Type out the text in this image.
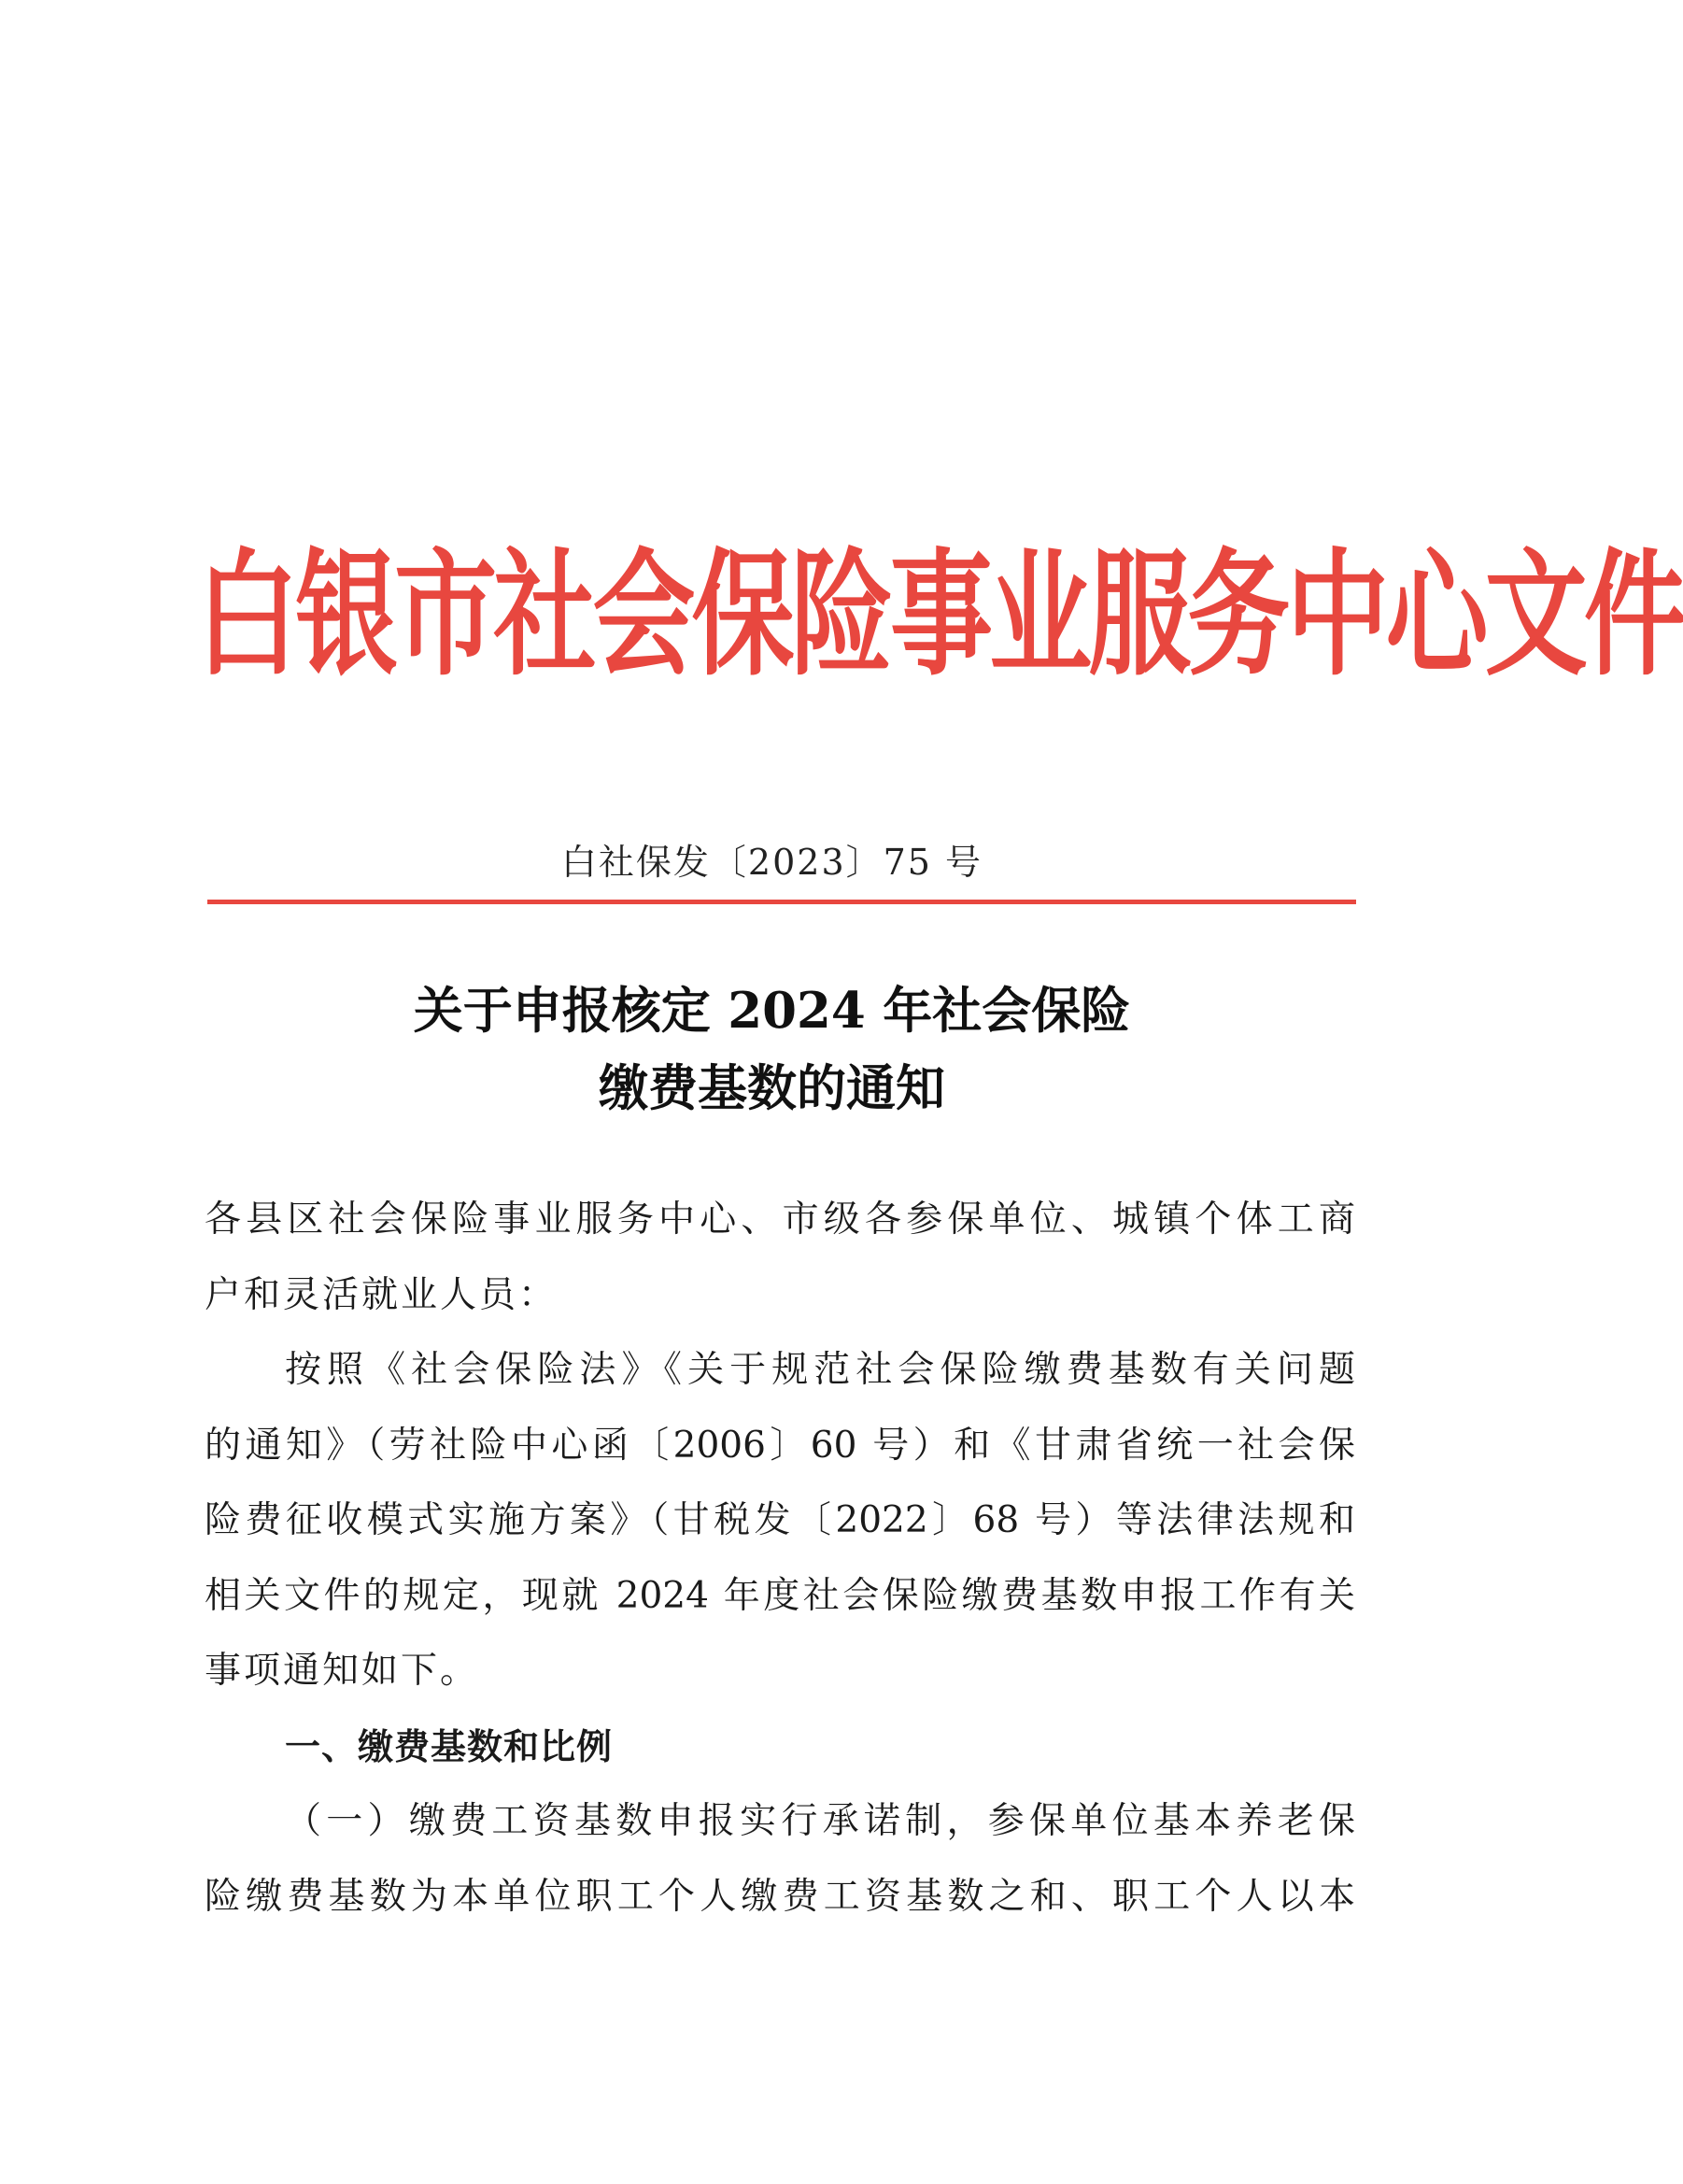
白银市社会保险事业服务中心文件
白社保发〔2023〕75 号
关于申报核定 2024 年社会保险
缴费基数的通知
各县区社会保险事业服务中心、市级各参保单位、城镇个体工商
户和灵活就业人员：
按照《社会保险法》《关于规范社会保险缴费基数有关问题
的通知》（劳社险中心函〔2006〕60 号）和《甘肃省统一社会保
险费征收模式实施方案》（甘税发〔2022〕68 号）等法律法规和
相关文件的规定，现就 2024 年度社会保险缴费基数申报工作有关
事项通知如下。
一、缴费基数和比例
（一）缴费工资基数申报实行承诺制，参保单位基本养老保
险缴费基数为本单位职工个人缴费工资基数之和、职工个人以本
